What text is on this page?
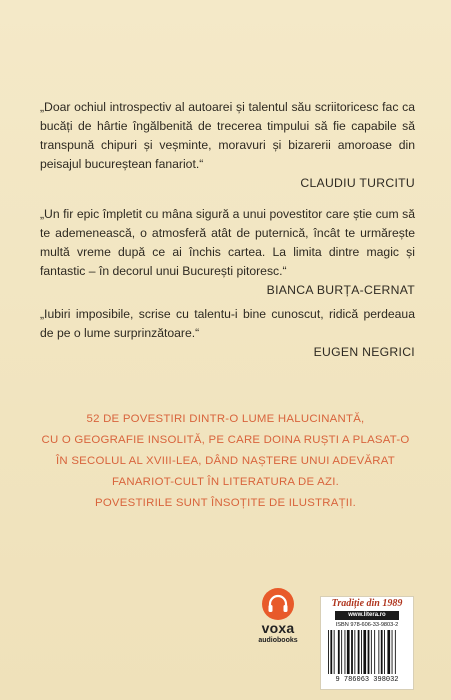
„Doar ochiul introspectiv al autoarei și talentul său scriitoricesc fac ca bucăți de hârtie îngălbenită de trecerea timpului să fie capabile să transpună chipuri și veșminte, moravuri și bizarerii amoroase din peisajul bucureștean fanariot.“
CLAUDIU TURCITU
„Un fir epic împletit cu mâna sigură a unui povestitor care știe cum să te ademenească, o atmosferă atât de puternică, încât te urmărește multă vreme după ce ai închis cartea. La limita dintre magic și fantastic – în decorul unui București pitoresc.“
BIANCA BURȚA-CERNAT
„Iubiri imposibile, scrise cu talentu-i bine cunoscut, ridică perdeaua de pe o lume surprinzătoare.“
EUGEN NEGRICI
52 DE POVESTIRI DINTR-O LUME HALUCINANTĂ,
CU O GEOGRAFIE INSOLITĂ, PE CARE DOINA RUȘTI A PLASAT-O
ÎN SECOLUL AL XVIII-LEA, DÂND NAȘTERE UNUI ADEVĂRAT
FANARIOT-CULT ÎN LITERATURA DE AZI.
POVESTIRILE SUNT ÎNSOȚITE DE ILUSTRAȚII.
voxa
audiobooks
Tradiție din 1989
www.litera.ro
ISBN 978-606-33-9803-2
9 786063 398032
